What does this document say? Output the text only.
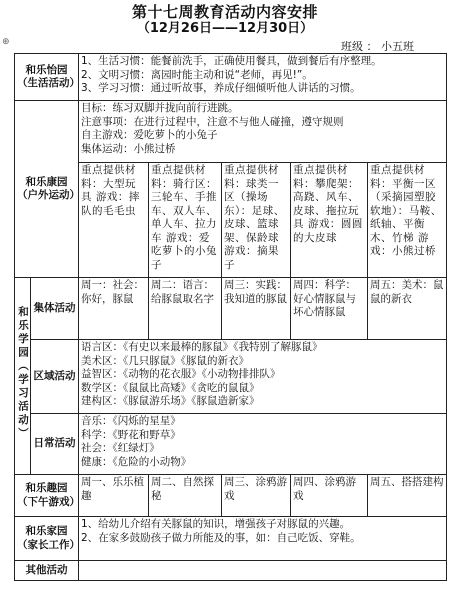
⊕
第十七周教育活动内容安排
（12月26日——12月30日）
班级 ： 小五班
和乐怡园（生活活动）		1、生活习惯：能餐前洗手，正确使用餐具，做到餐后有序整理。
2、文明习惯：离园时能主动和说“老师，再见!”。
3、学习习惯：通过听故事，养成仔细倾听他人讲话的习惯。				

和乐康园（户外运动）		目标：练习双脚并拢向前行进跳。
注意事项：在进行过程中，注意不与他人碰撞，遵守规则
自主游戏：爱吃萝卜的小兔子
集体运动：小熊过桥				

		重点提供材料：大型玩具 游戏：摔队的毛毛虫	重点提供材料：骑行区：三轮车、手推车、双人车、单人车、拉力车 游戏：爱吃萝卜的小兔子	重点提供材料：球类一区（操场东）：足球、皮球、篮球架、保龄球 游戏：摘果子	重点提供材料：攀爬架：高跷、风车、皮球、拖拉玩具 游戏：圆圆的大皮球	重点提供材料：平衡一区（采摘园塑胶软地）：马鞍、纸轴、平衡木、竹梯 游戏：小熊过桥
和乐学园（学习活动）	集体活动	周一：社会：你好，豚鼠	周二：语言：给豚鼠取名字	周三：实践：我知道的豚鼠	周四：科学：好心情豚鼠与坏心情豚鼠	周五：美术：鼠鼠的新衣
	区域活动	语言区：《有史以来最棒的豚鼠》《我特别了解豚鼠》
美术区：《几只豚鼠》《豚鼠的新衣》
益智区：《动物的花衣服》《小动物排排队》
数学区：《鼠鼠比高矮》《贪吃的鼠鼠》
建构区：《豚鼠游乐场》《豚鼠造新家》				

	日常活动	音乐：《闪烁的星星》
科学：《野花和野草》
社会：《红绿灯》
健康：《危险的小动物》				

和乐趣园（下午游戏）		周一、乐乐植趣	周二、自然探秘	周三、涂鸦游戏	周四、涂鸦游戏	周五、搭搭建构
和乐家园（家长工作）		1、给幼儿介绍有关豚鼠的知识，增强孩子对豚鼠的兴趣。
2、在家多鼓励孩子做力所能及的事，如：自己吃饭、穿鞋。				

其他活动						
